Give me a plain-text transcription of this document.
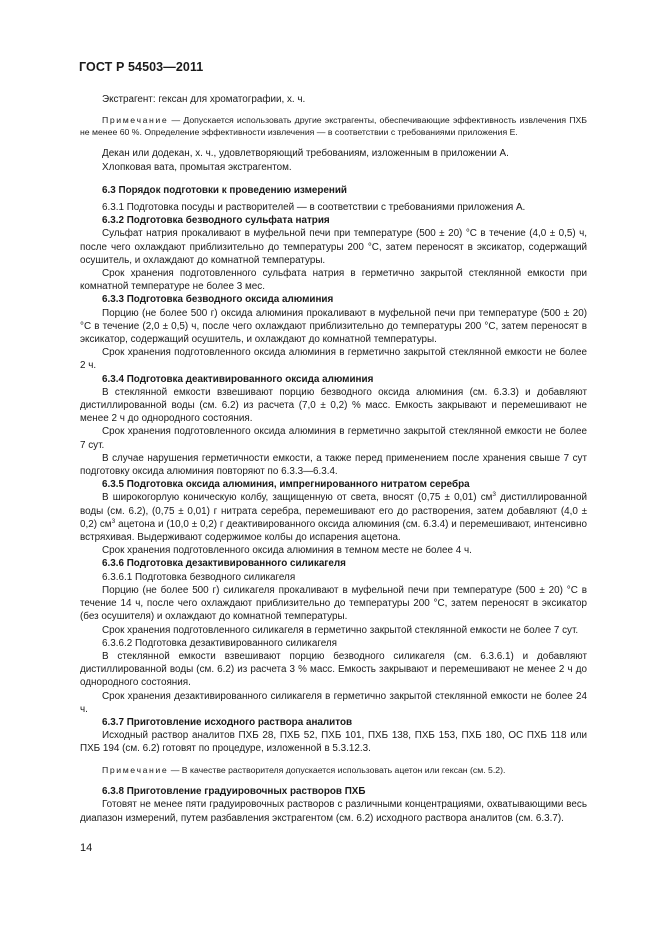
ГОСТ Р 54503—2011

Экстрагент: гексан для хроматографии, х. ч.

Примечание — Допускается использовать другие экстрагенты, обеспечивающие эффективность извлечения ПХБ не менее 60 %. Определение эффективности извлечения — в соответствии с требованиями приложения Е.

Декан или додекан, х. ч., удовлетворяющий требованиям, изложенным в приложении А.

Хлопковая вата, промытая экстрагентом.

6.3 Порядок подготовки к проведению измерений

6.3.1 Подготовка посуды и растворителей — в соответствии с требованиями приложения А.

6.3.2 Подготовка безводного сульфата натрия

Сульфат натрия прокаливают в муфельной печи при температуре (500 ± 20) °С в течение (4,0 ± 0,5) ч, после чего охлаждают приблизительно до температуры 200 °С, затем переносят в эксикатор, содержащий осушитель, и охлаждают до комнатной температуры.

Срок хранения подготовленного сульфата натрия в герметично закрытой стеклянной емкости при комнатной температуре не более 3 мес.

6.3.3 Подготовка безводного оксида алюминия

Порцию (не более 500 г) оксида алюминия прокаливают в муфельной печи при температуре (500 ± 20) °С в течение (2,0 ± 0,5) ч, после чего охлаждают приблизительно до температуры 200 °С, затем переносят в эксикатор, содержащий осушитель, и охлаждают до комнатной температуры.

Срок хранения подготовленного оксида алюминия в герметично закрытой стеклянной емкости не более 2 ч.

6.3.4 Подготовка деактивированного оксида алюминия

В стеклянной емкости взвешивают порцию безводного оксида алюминия (см. 6.3.3) и добавляют дистиллированной воды (см. 6.2) из расчета (7,0 ± 0,2) % масс. Емкость закрывают и перемешивают не менее 2 ч до однородного состояния.

Срок хранения подготовленного оксида алюминия в герметично закрытой стеклянной емкости не более 7 сут.

В случае нарушения герметичности емкости, а также перед применением после хранения свыше 7 сут подготовку оксида алюминия повторяют по 6.3.3—6.3.4.

6.3.5 Подготовка оксида алюминия, импрегнированного нитратом серебра

В широкогорлую коническую колбу, защищенную от света, вносят (0,75 ± 0,01) $см^3$ дистиллированной воды (см. 6.2), (0,75 ± 0,01) г нитрата серебра, перемешивают его до растворения, затем добавляют (4,0 ± 0,2) $см^3$ ацетона и (10,0 ± 0,2) г деактивированного оксида алюминия (см. 6.3.4) и перемешивают, интенсивно встряхивая. Выдерживают содержимое колбы до испарения ацетона.

Срок хранения подготовленного оксида алюминия в темном месте не более 4 ч.

6.3.6 Подготовка дезактивированного силикагеля

6.3.6.1 Подготовка безводного силикагеля

Порцию (не более 500 г) силикагеля прокаливают в муфельной печи при температуре (500 ± 20) °С в течение 14 ч, после чего охлаждают приблизительно до температуры 200 °С, затем переносят в эксикатор (без осушителя) и охлаждают до комнатной температуры.

Срок хранения подготовленного силикагеля в герметично закрытой стеклянной емкости не более 7 сут.

6.3.6.2 Подготовка дезактивированного силикагеля

В стеклянной емкости взвешивают порцию безводного силикагеля (см. 6.3.6.1) и добавляют дистиллированной воды (см. 6.2) из расчета 3 % масс. Емкость закрывают и перемешивают не менее 2 ч до однородного состояния.

Срок хранения дезактивированного силикагеля в герметично закрытой стеклянной емкости не более 24 ч.

6.3.7 Приготовление исходного раствора аналитов

Исходный раствор аналитов ПХБ 28, ПХБ 52, ПХБ 101, ПХБ 138, ПХБ 153, ПХБ 180, ОС ПХБ 118 или ПХБ 194 (см. 6.2) готовят по процедуре, изложенной в 5.3.12.3.

Примечание — В качестве растворителя допускается использовать ацетон или гексан (см. 5.2).

6.3.8 Приготовление градуировочных растворов ПХБ

Готовят не менее пяти градуировочных растворов с различными концентрациями, охватывающими весь диапазон измерений, путем разбавления экстрагентом (см. 6.2) исходного раствора аналитов (см. 6.3.7).

14
